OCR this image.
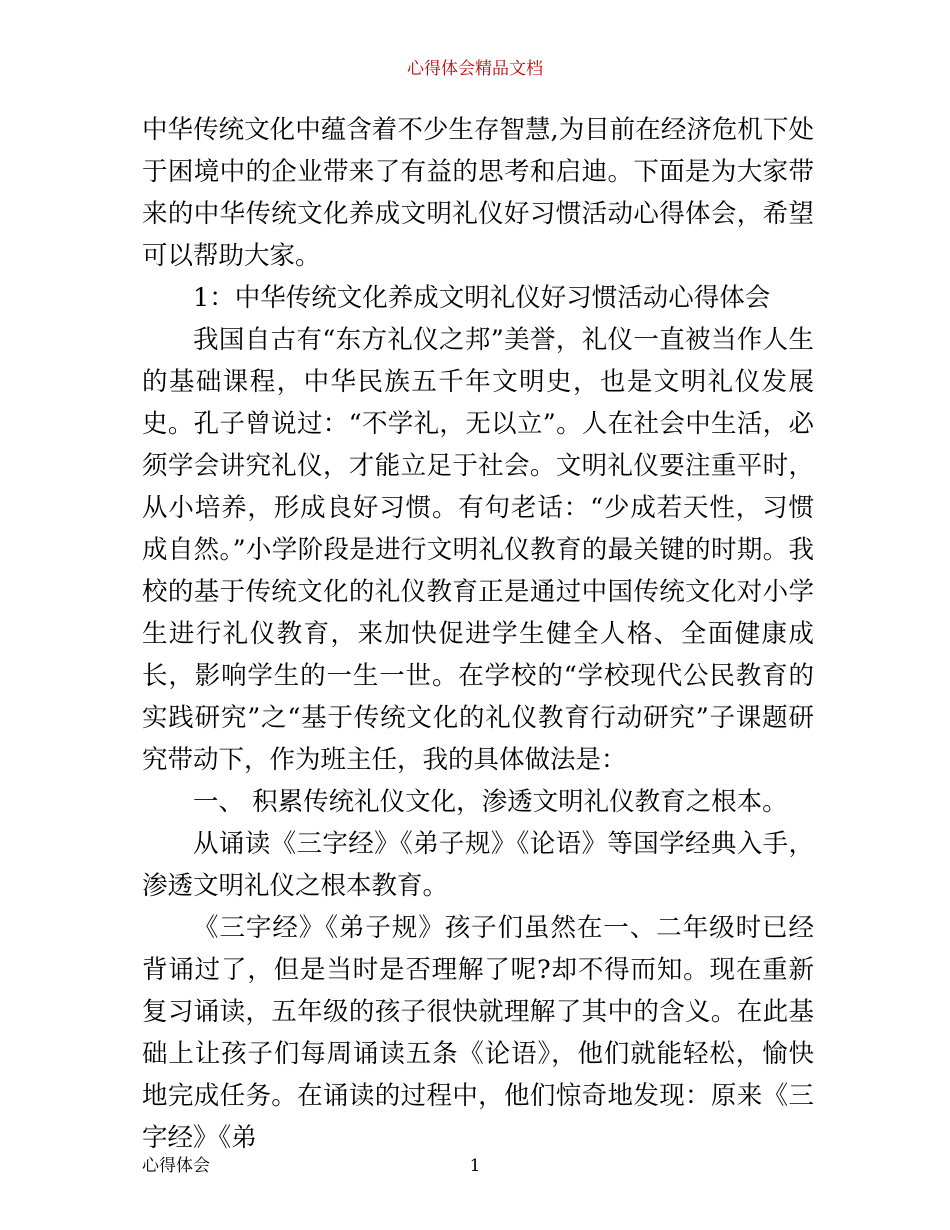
心得体会精品文档

中华传统文化中蕴含着不少生存智慧,为目前在经济危机下处于困境中的企业带来了有益的思考和启迪。下面是为大家带来的中华传统文化养成文明礼仪好习惯活动心得体会，希望可以帮助大家。

1：中华传统文化养成文明礼仪好习惯活动心得体会

我国自古有“东方礼仪之邦”美誉，礼仪一直被当作人生的基础课程，中华民族五千年文明史，也是文明礼仪发展史。孔子曾说过：“不学礼，无以立”。人在社会中生活，必须学会讲究礼仪，才能立足于社会。文明礼仪要注重平时，从小培养，形成良好习惯。有句老话：“少成若天性，习惯成自然。”小学阶段是进行文明礼仪教育的最关键的时期。我校的基于传统文化的礼仪教育正是通过中国传统文化对小学生进行礼仪教育，来加快促进学生健全人格、全面健康成长，影响学生的一生一世。在学校的“学校现代公民教育的实践研究”之“基于传统文化的礼仪教育行动研究”子课题研究带动下，作为班主任，我的具体做法是：

一、 积累传统礼仪文化，渗透文明礼仪教育之根本。

从诵读《三字经》《弟子规》《论语》等国学经典入手，渗透文明礼仪之根本教育。

《三字经》《弟子规》孩子们虽然在一、二年级时已经背诵过了，但是当时是否理解了呢?却不得而知。现在重新复习诵读，五年级的孩子很快就理解了其中的含义。在此基础上让孩子们每周诵读五条《论语》，他们就能轻松，愉快地完成任务。在诵读的过程中，他们惊奇地发现：原来《三字经》《弟

心得体会	1
